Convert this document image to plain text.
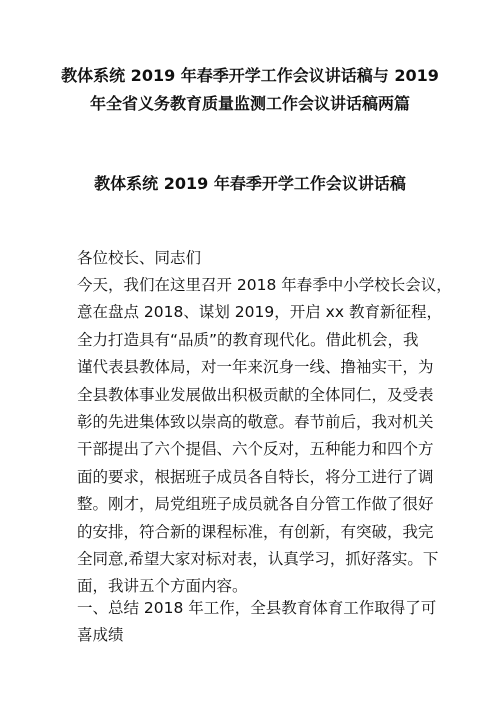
教体系统 2019 年春季开学工作会议讲话稿与 2019
年全省义务教育质量监测工作会议讲话稿两篇
教体系统 2019 年春季开学工作会议讲话稿

各位校长、同志们

今天，我们在这里召开 2018 年春季中小学校长会议，
意在盘点 2018、谋划 2019，开启 xx 教育新征程，
全力打造具有“品质”的教育现代化。借此机会，我
谨代表县教体局，对一年来沉身一线、撸袖实干，为
全县教体事业发展做出积极贡献的全体同仁，及受表
彰的先进集体致以崇高的敬意。春节前后，我对机关
干部提出了六个提倡、六个反对，五种能力和四个方
面的要求，根据班子成员各自特长，将分工进行了调
整。刚才，局党组班子成员就各自分管工作做了很好
的安排，符合新的课程标准，有创新，有突破，我完
全同意,希望大家对标对表，认真学习，抓好落实。下
面，我讲五个方面内容。

一、总结 2018 年工作，全县教育体育工作取得了可
喜成绩
